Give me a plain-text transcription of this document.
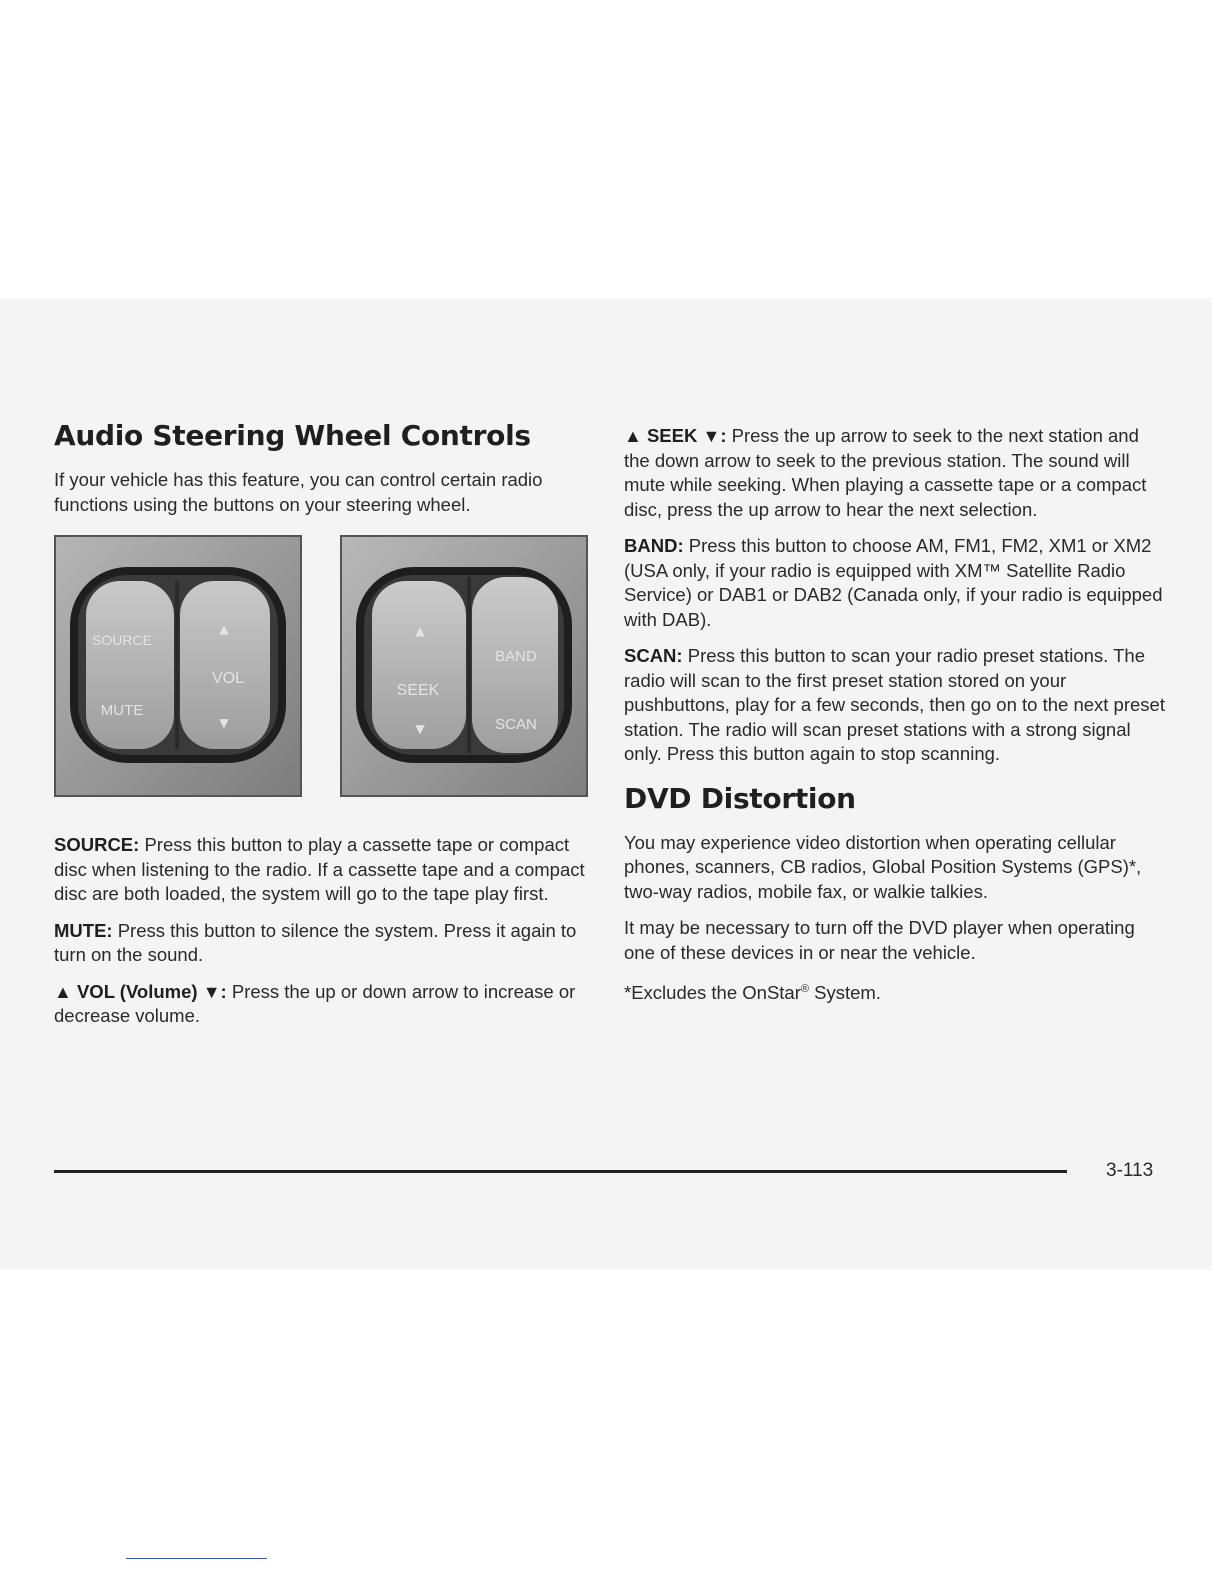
Audio Steering Wheel Controls

If your vehicle has this feature, you can control certain radio functions using the buttons on your steering wheel.

SOURCE
MUTE
▲
VOL
▼
▲
SEEK
▼
BAND
SCAN

SOURCE: Press this button to play a cassette tape or compact disc when listening to the radio. If a cassette tape and a compact disc are both loaded, the system will go to the tape play first.

MUTE: Press this button to silence the system. Press it again to turn on the sound.

▲ VOL (Volume) ▼: Press the up or down arrow to increase or decrease volume.

▲ SEEK ▼: Press the up arrow to seek to the next station and the down arrow to seek to the previous station. The sound will mute while seeking. When playing a cassette tape or a compact disc, press the up arrow to hear the next selection.

BAND: Press this button to choose AM, FM1, FM2, XM1 or XM2 (USA only, if your radio is equipped with XM™ Satellite Radio Service) or DAB1 or DAB2 (Canada only, if your radio is equipped with DAB).

SCAN: Press this button to scan your radio preset stations. The radio will scan to the first preset station stored on your pushbuttons, play for a few seconds, then go on to the next preset station. The radio will scan preset stations with a strong signal only. Press this button again to stop scanning.

DVD Distortion

You may experience video distortion when operating cellular phones, scanners, CB radios, Global Position Systems (GPS)*, two-way radios, mobile fax, or walkie talkies.

It may be necessary to turn off the DVD player when operating one of these devices in or near the vehicle.

*Excludes the OnStar® System.

3-113
